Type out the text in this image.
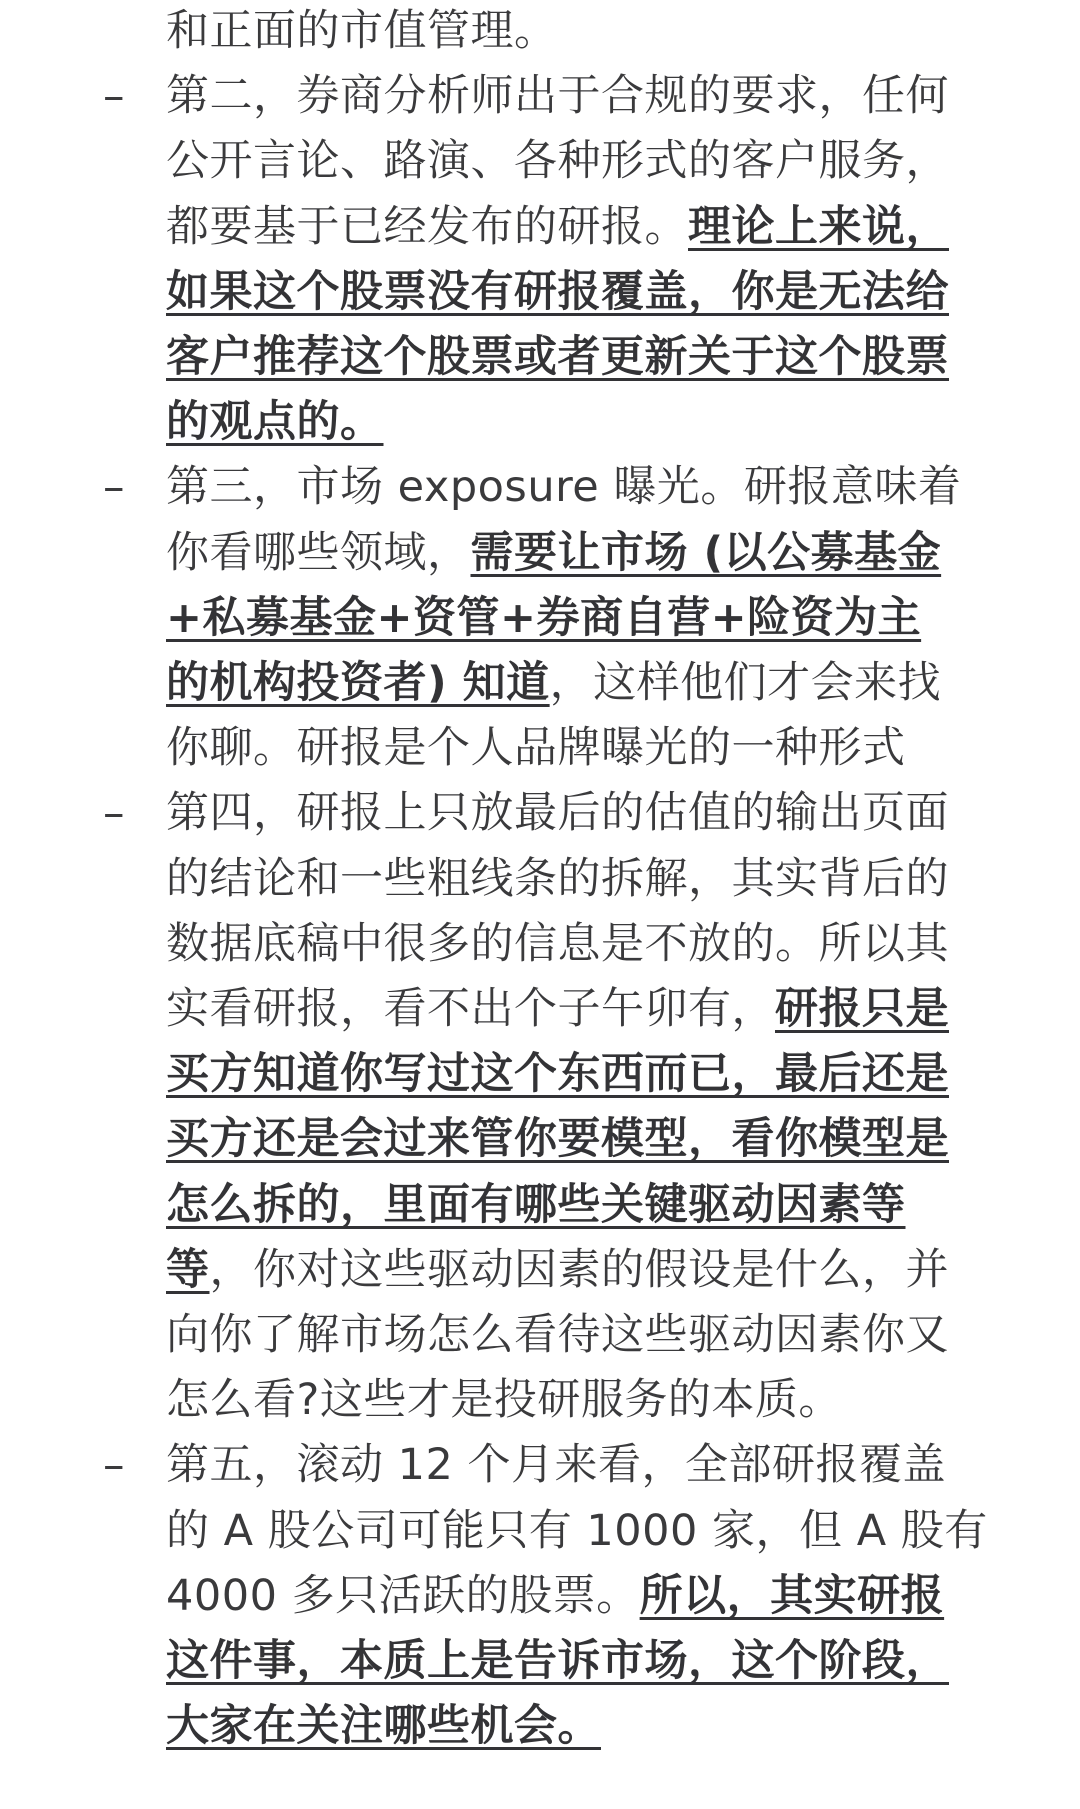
和正面的市值管理。
– 第二，券商分析师出于合规的要求，任何
公开言论、路演、各种形式的客户服务，
都要基于已经发布的研报。理论上来说，
如果这个股票没有研报覆盖，你是无法给
客户推荐这个股票或者更新关于这个股票
的观点的。
– 第三，市场 exposure 曝光。研报意味着
你看哪些领域，需要让市场 (以公募基金
+私募基金+资管+券商自营+险资为主
的机构投资者) 知道，这样他们才会来找
你聊。研报是个人品牌曝光的一种形式
– 第四，研报上只放最后的估值的输出页面
的结论和一些粗线条的拆解，其实背后的
数据底稿中很多的信息是不放的。所以其
实看研报，看不出个子午卯有，研报只是
买方知道你写过这个东西而已，最后还是
买方还是会过来管你要模型，看你模型是
怎么拆的，里面有哪些关键驱动因素等
等，你对这些驱动因素的假设是什么，并
向你了解市场怎么看待这些驱动因素你又
怎么看?这些才是投研服务的本质。
– 第五，滚动 12 个月来看，全部研报覆盖
的 A 股公司可能只有 1000 家，但 A 股有
4000 多只活跃的股票。所以，其实研报
这件事，本质上是告诉市场，这个阶段，
大家在关注哪些机会。
